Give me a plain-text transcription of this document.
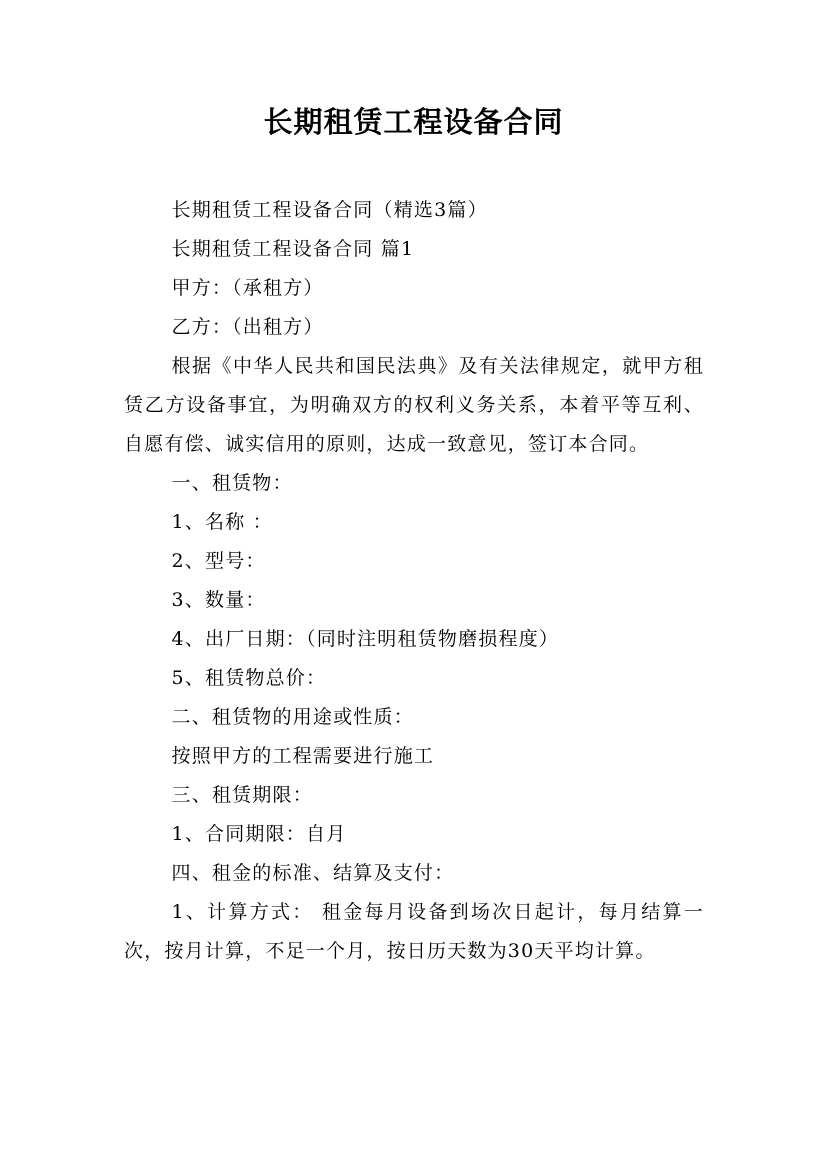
长期租赁工程设备合同

长期租赁工程设备合同（精选3篇）

长期租赁工程设备合同 篇1

甲方：（承租方）

乙方：（出租方）

根据《中华人民共和国民法典》及有关法律规定，就甲方租赁乙方设备事宜，为明确双方的权利义务关系，本着平等互利、自愿有偿、诚实信用的原则，达成一致意见，签订本合同。

一、租赁物：

1、名称 ：

2、型号：

3、数量：

4、出厂日期：（同时注明租赁物磨损程度）

5、租赁物总价：

二、租赁物的用途或性质：

按照甲方的工程需要进行施工

三、租赁期限：

1、合同期限：自月

四、租金的标准、结算及支付：

1、计算方式： 租金每月设备到场次日起计，每月结算一次，按月计算，不足一个月，按日历天数为30天平均计算。
